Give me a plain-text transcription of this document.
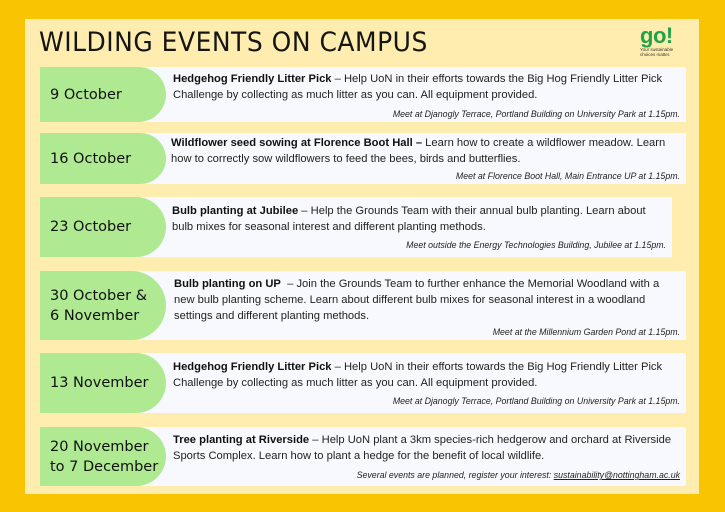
WILDING EVENTS ON CAMPUS	go!
Your sustainable choices matter.
9 October
Hedgehog Friendly Litter Pick – Help UoN in their efforts towards the Big Hog Friendly Litter Pick Challenge by collecting as much litter as you can. All equipment provided.
Meet at Djanogly Terrace, Portland Building on University Park at 1.15pm.
16 October
Wildflower seed sowing at Florence Boot Hall – Learn how to create a wildflower meadow. Learn how to correctly sow wildflowers to feed the bees, birds and butterflies.
Meet at Florence Boot Hall, Main Entrance UP at 1.15pm.
23 October
Bulb planting at Jubilee – Help the Grounds Team with their annual bulb planting. Learn about bulb mixes for seasonal interest and different planting methods.
Meet outside the Energy Technologies Building, Jubilee at 1.15pm.
30 October &
6 November
Bulb planting on UP  – Join the Grounds Team to further enhance the Memorial Woodland with a new bulb planting scheme. Learn about different bulb mixes for seasonal interest in a woodland settings and different planting methods.
Meet at the Millennium Garden Pond at 1.15pm.
13 November
Hedgehog Friendly Litter Pick – Help UoN in their efforts towards the Big Hog Friendly Litter Pick Challenge by collecting as much litter as you can. All equipment provided.
Meet at Djanogly Terrace, Portland Building on University Park at 1.15pm.
20 November
to 7 December
Tree planting at Riverside – Help UoN plant a 3km species-rich hedgerow and orchard at Riverside Sports Complex. Learn how to plant a hedge for the benefit of local wildlife.
Several events are planned, register your interest: sustainability@nottingham.ac.uk
